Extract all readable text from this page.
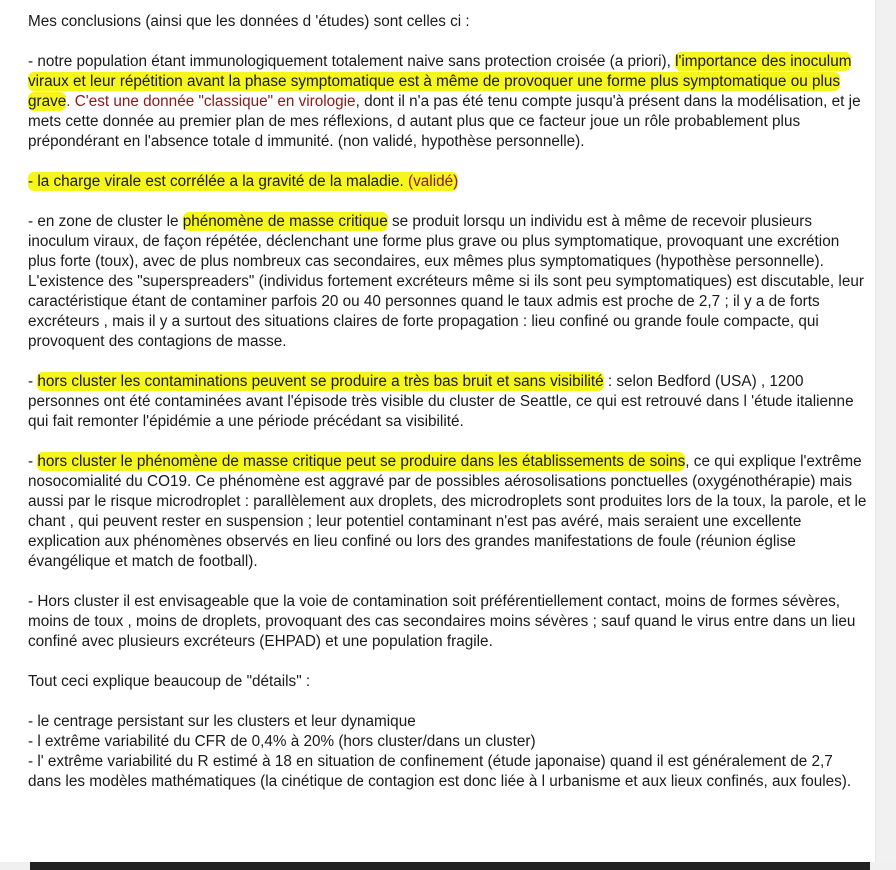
Mes conclusions (ainsi que les données d 'études) sont celles ci :

- notre population étant immunologiquement totalement naive sans protection croisée (a priori), l'importance des inoculum viraux et leur répétition avant la phase symptomatique est à même de provoquer une forme plus symptomatique ou plus grave. C'est une donnée "classique" en virologie, dont il n'a pas été tenu compte jusqu'à présent dans la modélisation, et je mets cette donnée au premier plan de mes réflexions, d autant plus que ce facteur joue un rôle probablement plus prépondérant en l'absence totale d immunité. (non validé, hypothèse personnelle).

- la charge virale est corrélée a la gravité de la maladie. (validé)

- en zone de cluster le phénomène de masse critique se produit lorsqu un individu est à même de recevoir plusieurs inoculum viraux, de façon répétée, déclenchant une forme plus grave ou plus symptomatique, provoquant une excrétion plus forte (toux), avec de plus nombreux cas secondaires, eux mêmes plus symptomatiques (hypothèse personnelle).

L'existence des "superspreaders" (individus fortement excréteurs même si ils sont peu symptomatiques) est discutable, leur caractéristique étant de contaminer parfois 20 ou 40 personnes quand le taux admis est proche de 2,7 ; il y a de forts excréteurs , mais il y a surtout des situations claires de forte propagation : lieu confiné ou grande foule compacte, qui provoquent des contagions de masse.

- hors cluster les contaminations peuvent se produire a très bas bruit et sans visibilité : selon Bedford (USA) , 1200 personnes ont été contaminées avant l'épisode très visible du cluster de Seattle, ce qui est retrouvé dans l 'étude italienne qui fait remonter l'épidémie a une période précédant sa visibilité.

- hors cluster le phénomène de masse critique peut se produire dans les établissements de soins, ce qui explique l'extrême nosocomialité du CO19. Ce phénomène est aggravé par de possibles aérosolisations ponctuelles (oxygénothérapie) mais aussi par le risque microdroplet : parallèlement aux droplets, des microdroplets sont produites lors de la toux, la parole, et le chant , qui peuvent rester en suspension ; leur potentiel contaminant n'est pas avéré, mais seraient une excellente explication aux phénomènes observés en lieu confiné ou lors des grandes manifestations de foule (réunion église évangélique et match de football).

- Hors cluster il est envisageable que la voie de contamination soit préférentiellement contact, moins de formes sévères, moins de toux , moins de droplets, provoquant des cas secondaires moins sévères ; sauf quand le virus entre dans un lieu confiné avec plusieurs excréteurs (EHPAD) et une population fragile.

Tout ceci explique beaucoup de "détails" :

- le centrage persistant sur les clusters et leur dynamique

- l extrême variabilité du CFR de 0,4% à 20% (hors cluster/dans un cluster)

- l' extrême variabilité du R estimé à 18 en situation de confinement (étude japonaise) quand il est généralement de 2,7 dans les modèles mathématiques (la cinétique de contagion est donc liée à l urbanisme et aux lieux confinés, aux foules).
